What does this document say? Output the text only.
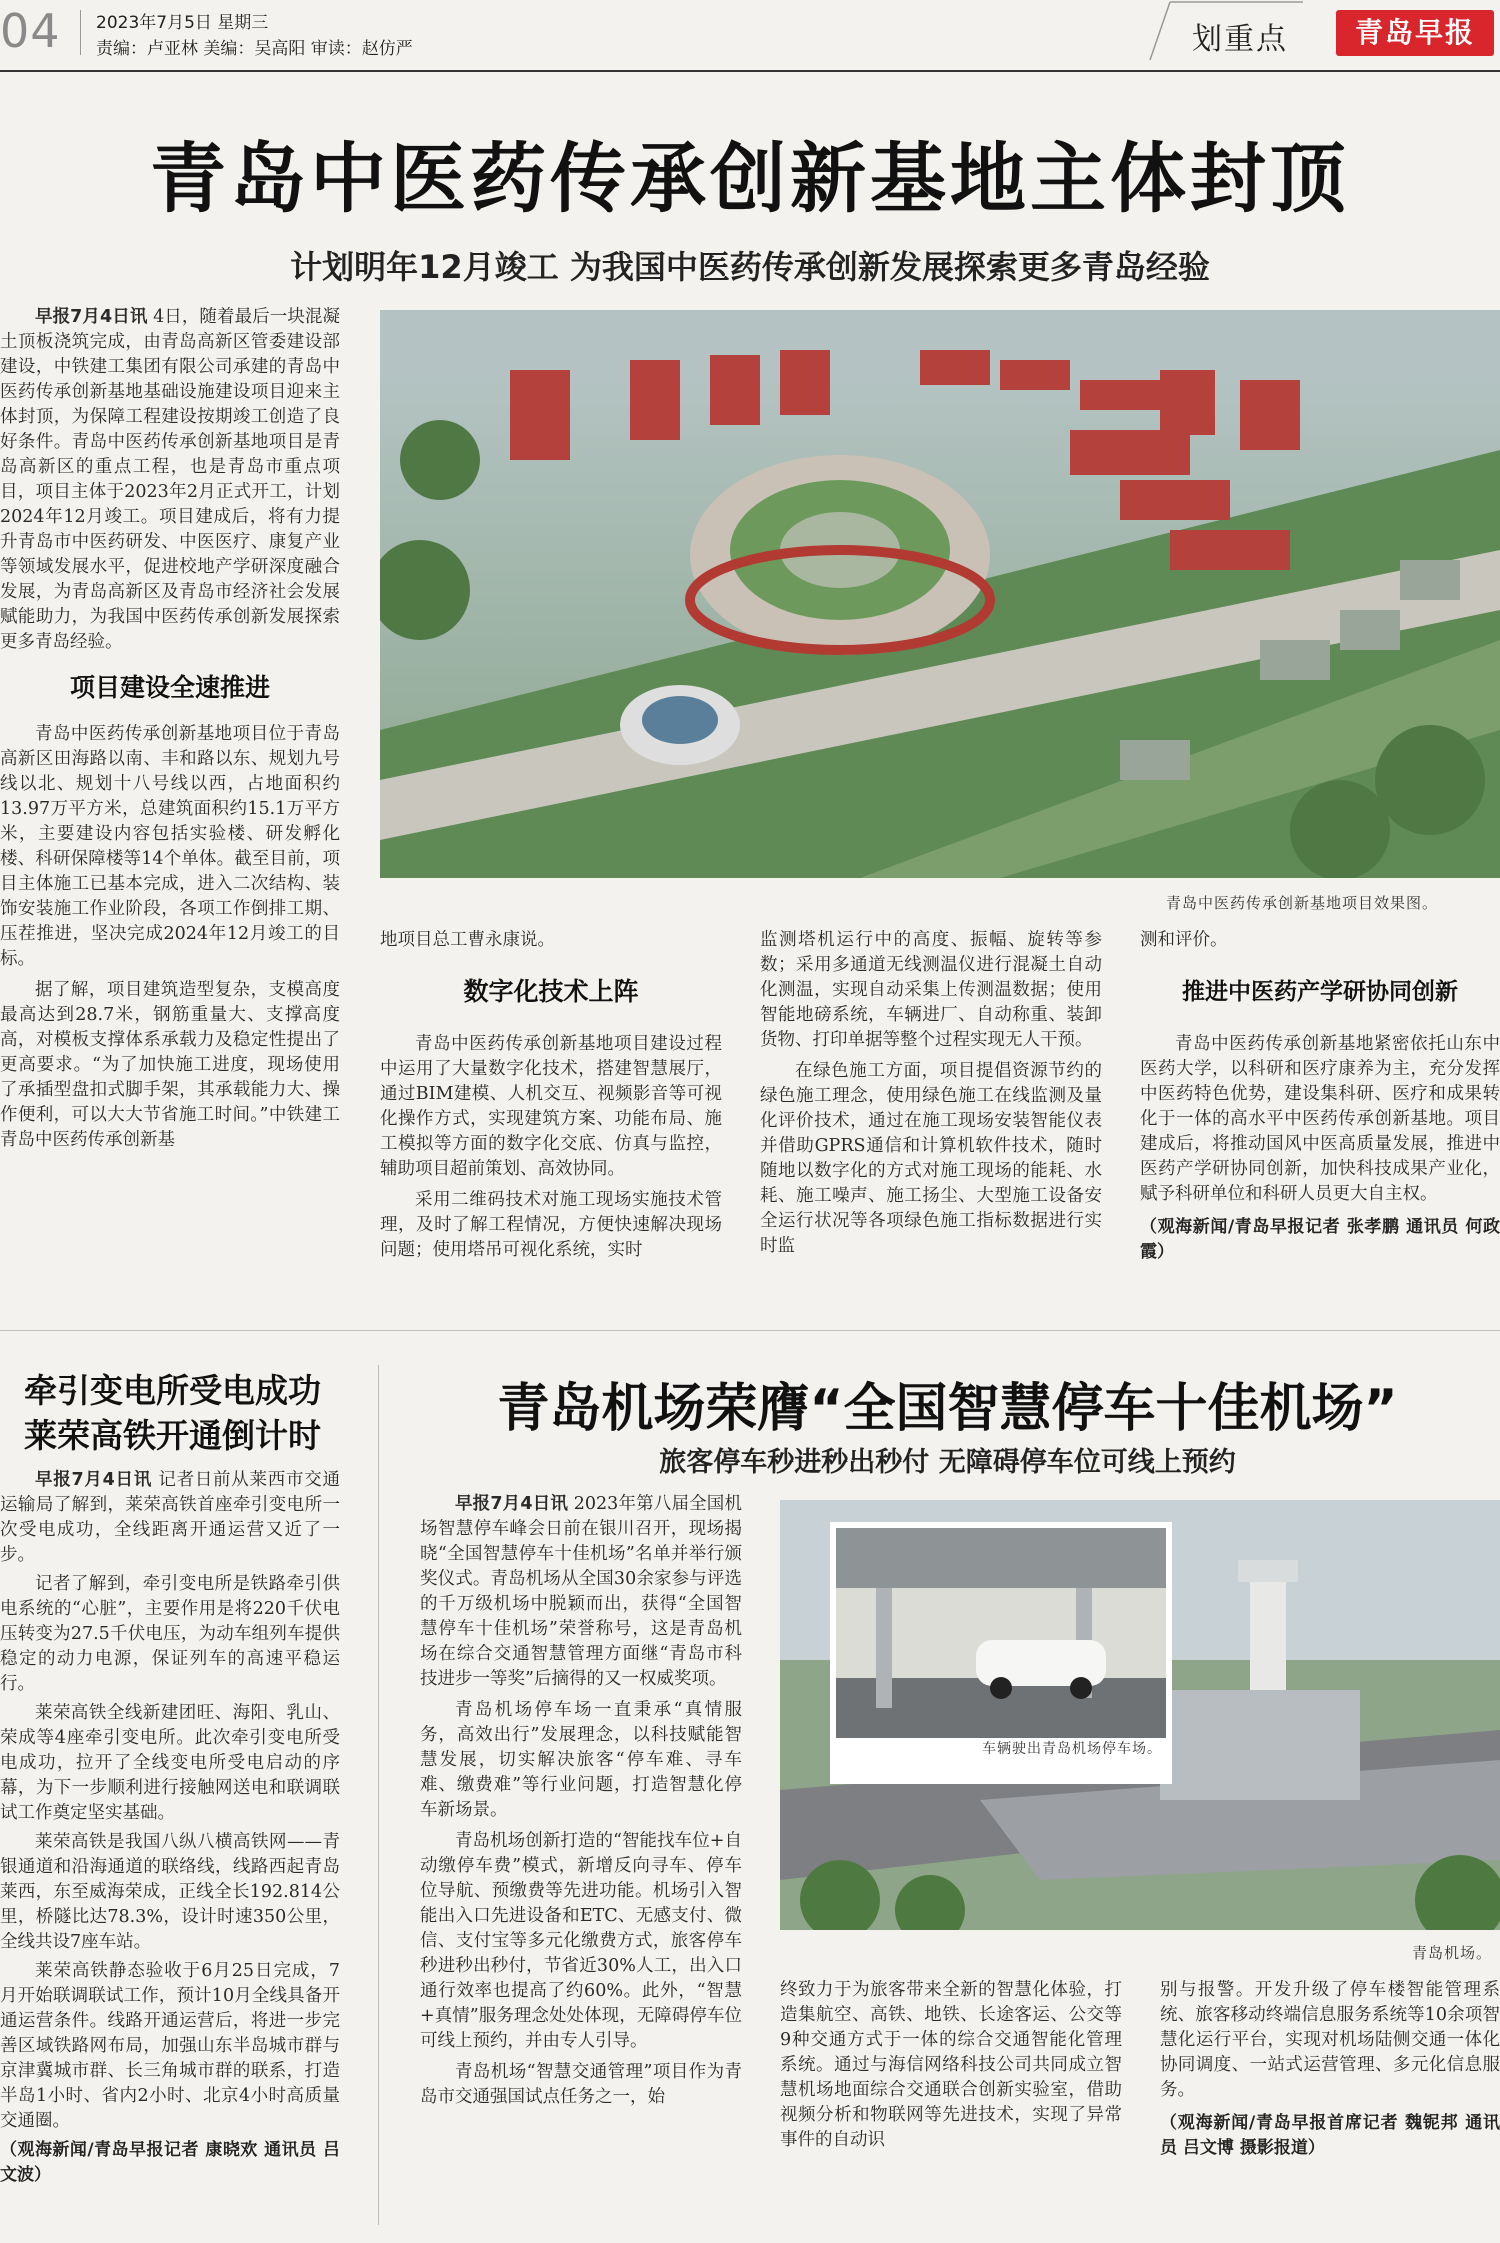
04 2023年7月5日 星期三
责编：卢亚林 美编：吴高阳 审读：赵仿严	划重点	青岛早报
青岛中医药传承创新基地主体封顶
计划明年12月竣工 为我国中医药传承创新发展探索更多青岛经验

早报7月4日讯 4日，随着最后一块混凝土顶板浇筑完成，由青岛高新区管委建设部建设，中铁建工集团有限公司承建的青岛中医药传承创新基地基础设施建设项目迎来主体封顶，为保障工程建设按期竣工创造了良好条件。青岛中医药传承创新基地项目是青岛高新区的重点工程，也是青岛市重点项目，项目主体于2023年2月正式开工，计划2024年12月竣工。项目建成后，将有力提升青岛市中医药研发、中医医疗、康复产业等领域发展水平，促进校地产学研深度融合发展，为青岛高新区及青岛市经济社会发展赋能助力，为我国中医药传承创新发展探索更多青岛经验。

项目建设全速推进

青岛中医药传承创新基地项目位于青岛高新区田海路以南、丰和路以东、规划九号线以北、规划十八号线以西，占地面积约13.97万平方米，总建筑面积约15.1万平方米，主要建设内容包括实验楼、研发孵化楼、科研保障楼等14个单体。截至目前，项目主体施工已基本完成，进入二次结构、装饰安装施工作业阶段，各项工作倒排工期、压茬推进，坚决完成2024年12月竣工的目标。

据了解，项目建筑造型复杂，支模高度最高达到28.7米，钢筋重量大、支撑高度高，对模板支撑体系承载力及稳定性提出了更高要求。“为了加快施工进度，现场使用了承插型盘扣式脚手架，其承载能力大、操作便利，可以大大节省施工时间。”中铁建工青岛中医药传承创新基

青岛中医药传承创新基地项目效果图。

地项目总工曹永康说。

数字化技术上阵

青岛中医药传承创新基地项目建设过程中运用了大量数字化技术，搭建智慧展厅，通过BIM建模、人机交互、视频影音等可视化操作方式，实现建筑方案、功能布局、施工模拟等方面的数字化交底、仿真与监控，辅助项目超前策划、高效协同。

采用二维码技术对施工现场实施技术管理，及时了解工程情况，方便快速解决现场问题；使用塔吊可视化系统，实时

监测塔机运行中的高度、振幅、旋转等参数；采用多通道无线测温仪进行混凝土自动化测温，实现自动采集上传测温数据；使用智能地磅系统，车辆进厂、自动称重、装卸货物、打印单据等整个过程实现无人干预。

在绿色施工方面，项目提倡资源节约的绿色施工理念，使用绿色施工在线监测及量化评价技术，通过在施工现场安装智能仪表并借助GPRS通信和计算机软件技术，随时随地以数字化的方式对施工现场的能耗、水耗、施工噪声、施工扬尘、大型施工设备安全运行状况等各项绿色施工指标数据进行实时监

测和评价。

推进中医药产学研协同创新

青岛中医药传承创新基地紧密依托山东中医药大学，以科研和医疗康养为主，充分发挥中医药特色优势，建设集科研、医疗和成果转化于一体的高水平中医药传承创新基地。项目建成后，将推动国风中医高质量发展，推进中医药产学研协同创新，加快科技成果产业化，赋予科研单位和科研人员更大自主权。

（观海新闻/青岛早报记者 张孝鹏 通讯员 何政霞）
牵引变电所受电成功
莱荣高铁开通倒计时

早报7月4日讯 记者日前从莱西市交通运输局了解到，莱荣高铁首座牵引变电所一次受电成功，全线距离开通运营又近了一步。

记者了解到，牵引变电所是铁路牵引供电系统的“心脏”，主要作用是将220千伏电压转变为27.5千伏电压，为动车组列车提供稳定的动力电源，保证列车的高速平稳运行。

莱荣高铁全线新建团旺、海阳、乳山、荣成等4座牵引变电所。此次牵引变电所受电成功，拉开了全线变电所受电启动的序幕，为下一步顺利进行接触网送电和联调联试工作奠定坚实基础。

莱荣高铁是我国八纵八横高铁网——青银通道和沿海通道的联络线，线路西起青岛莱西，东至威海荣成，正线全长192.814公里，桥隧比达78.3%，设计时速350公里，全线共设7座车站。

莱荣高铁静态验收于6月25日完成，7月开始联调联试工作，预计10月全线具备开通运营条件。线路开通运营后，将进一步完善区域铁路网布局，加强山东半岛城市群与京津冀城市群、长三角城市群的联系，打造半岛1小时、省内2小时、北京4小时高质量交通圈。

（观海新闻/青岛早报记者 康晓欢 通讯员 吕文波）
青岛机场荣膺“全国智慧停车十佳机场”
旅客停车秒进秒出秒付 无障碍停车位可线上预约

早报7月4日讯 2023年第八届全国机场智慧停车峰会日前在银川召开，现场揭晓“全国智慧停车十佳机场”名单并举行颁奖仪式。青岛机场从全国30余家参与评选的千万级机场中脱颖而出，获得“全国智慧停车十佳机场”荣誉称号，这是青岛机场在综合交通智慧管理方面继“青岛市科技进步一等奖”后摘得的又一权威奖项。

青岛机场停车场一直秉承“真情服务，高效出行”发展理念，以科技赋能智慧发展，切实解决旅客“停车难、寻车难、缴费难”等行业问题，打造智慧化停车新场景。

青岛机场创新打造的“智能找车位+自动缴停车费”模式，新增反向寻车、停车位导航、预缴费等先进功能。机场引入智能出入口先进设备和ETC、无感支付、微信、支付宝等多元化缴费方式，旅客停车秒进秒出秒付，节省近30%人工，出入口通行效率也提高了约60%。此外，“智慧+真情”服务理念处处体现，无障碍停车位可线上预约，并由专人引导。

青岛机场“智慧交通管理”项目作为青岛市交通强国试点任务之一，始

车辆驶出青岛机场停车场。
青岛机场。

终致力于为旅客带来全新的智慧化体验，打造集航空、高铁、地铁、长途客运、公交等9种交通方式于一体的综合交通智能化管理系统。通过与海信网络科技公司共同成立智慧机场地面综合交通联合创新实验室，借助视频分析和物联网等先进技术，实现了异常事件的自动识

别与报警。开发升级了停车楼智能管理系统、旅客移动终端信息服务系统等10余项智慧化运行平台，实现对机场陆侧交通一体化协同调度、一站式运营管理、多元化信息服务。

（观海新闻/青岛早报首席记者 魏铌邦 通讯员 吕文博 摄影报道）
